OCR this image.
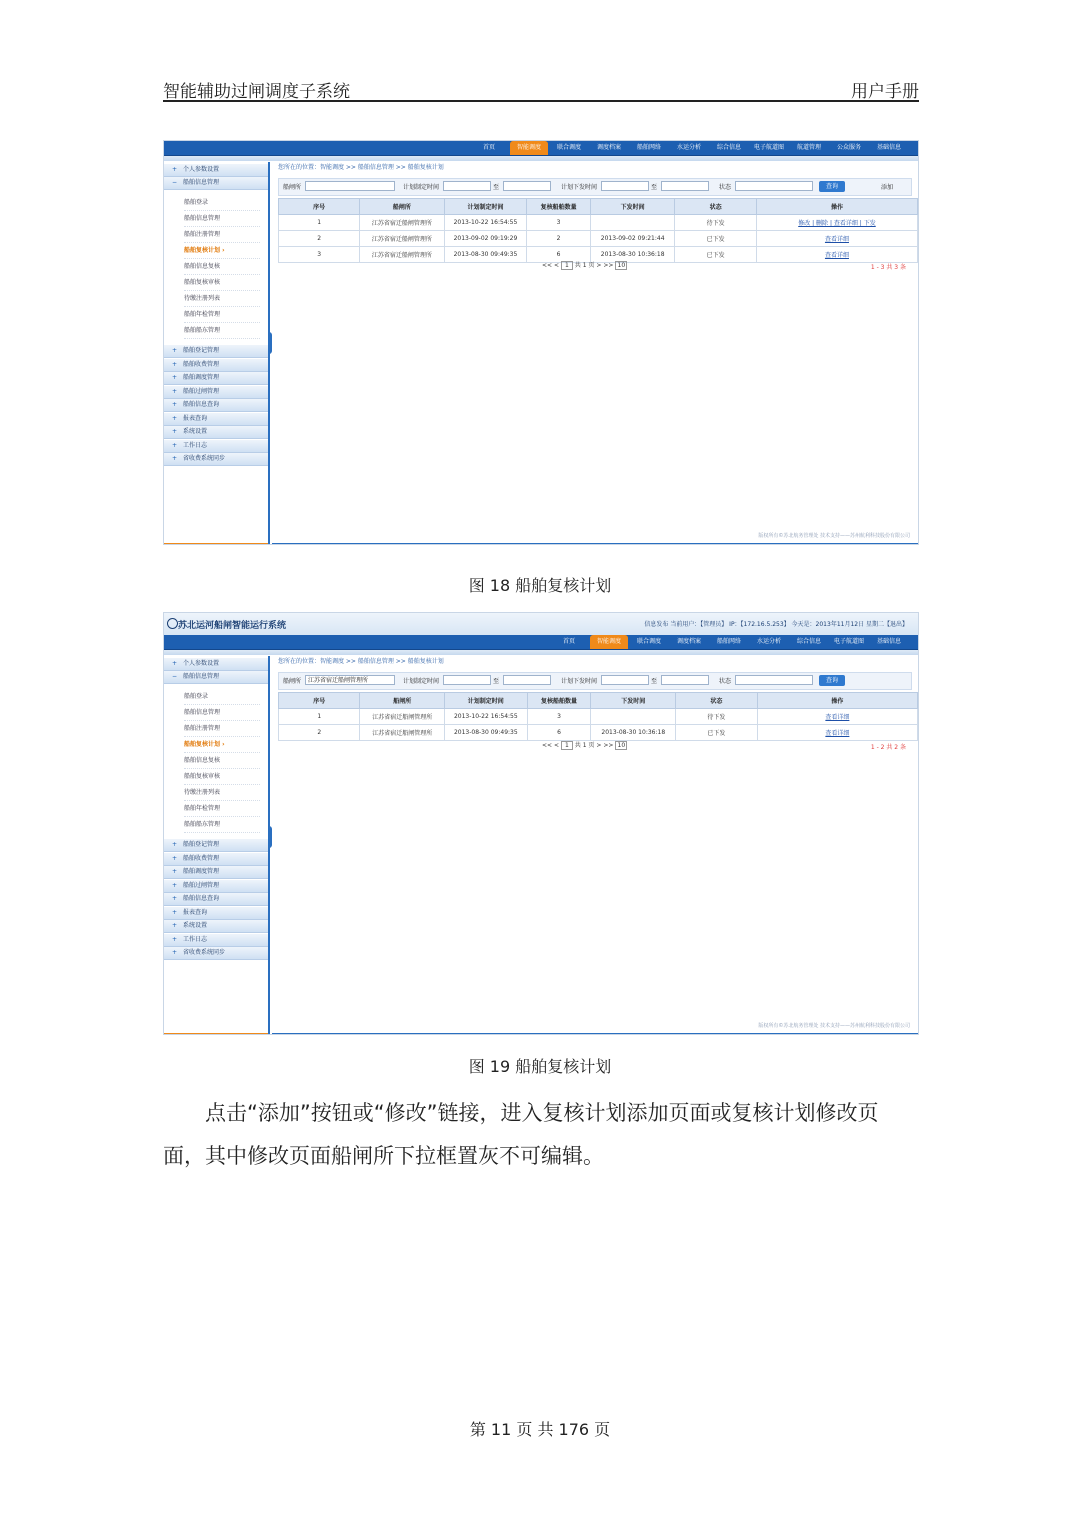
智能辅助过闸调度子系统	用户手册
首页	智能调度	联合调度	调度档案	船舶网络	水运分析	综合信息	电子航道图	航道管理	公众服务	基础信息
+ 个人参数设置
− 船舶信息管理
船舶登录
船舶信息管理
船舶注册管理
船舶复核计划 ›
船舶信息复核
船舶复核审核
待缴注册列表
船舶年检管理
船舶船东管理
+ 船舶登记管理
+ 船舶收费管理
+ 船舶调度管理
+ 船舶过闸管理
+ 船舶信息查询
+ 报表查询
+ 系统设置
+ 工作日志
+ 省收费系统同步
您所在的位置：智能调度 >> 船舶信息管理 >> 船舶复核计划
船闸所	计划制定时间	至	计划下发时间	至	状态	查询	添加
序号	船闸所	计划制定时间	复核船舶数量	下发时间	状态	操作
1	江苏省宿迁船闸管理所	2013-10-22 16:54:55	3		待下发	修改 | 删除 | 查看详细 | 下发
2	江苏省宿迁船闸管理所	2013-09-02 09:19:29	2	2013-09-02 09:21:44	已下发	查看详细
3	江苏省宿迁船闸管理所	2013-08-30 09:49:35	6	2013-08-30 10:36:18	已下发	查看详细
<< < 1 共 1 页 > >> 10	1 - 3 共 3 条
版权所有©苏北航务管理处 技术支持——苏州航利科技股份有限公司
图 18 船舶复核计划
苏北运河船闸智能运行系统	信息发布 当前用户：【管理员】 IP：【172.16.5.253】 今天是：2013年11月12日 星期二【退出】
首页	智能调度	联合调度	调度档案	船舶网络	水运分析	综合信息	电子航道图	基础信息
+ 个人参数设置
− 船舶信息管理
船舶登录
船舶信息管理
船舶注册管理
船舶复核计划 ›
船舶信息复核
船舶复核审核
待缴注册列表
船舶年检管理
船舶船东管理
+ 船舶登记管理
+ 船舶收费管理
+ 船舶调度管理
+ 船舶过闸管理
+ 船舶信息查询
+ 报表查询
+ 系统设置
+ 工作日志
+ 省收费系统同步
您所在的位置：智能调度 >> 船舶信息管理 >> 船舶复核计划
船闸所	江苏省宿迁船闸管理所	计划制定时间	至	计划下发时间	至	状态	查询
序号	船闸所	计划制定时间	复核船舶数量	下发时间	状态	操作
1	江苏省宿迁船闸管理所	2013-10-22 16:54:55	3		待下发	查看详细
2	江苏省宿迁船闸管理所	2013-08-30 09:49:35	6	2013-08-30 10:36:18	已下发	查看详细
<< < 1 共 1 页 > >> 10	1 - 2 共 2 条
版权所有©苏北航务管理处 技术支持——苏州航利科技股份有限公司
图 19 船舶复核计划
点击“添加”按钮或“修改”链接，进入复核计划添加页面或复核计划修改页面，其中修改页面船闸所下拉框置灰不可编辑。
第 11 页 共 176 页
